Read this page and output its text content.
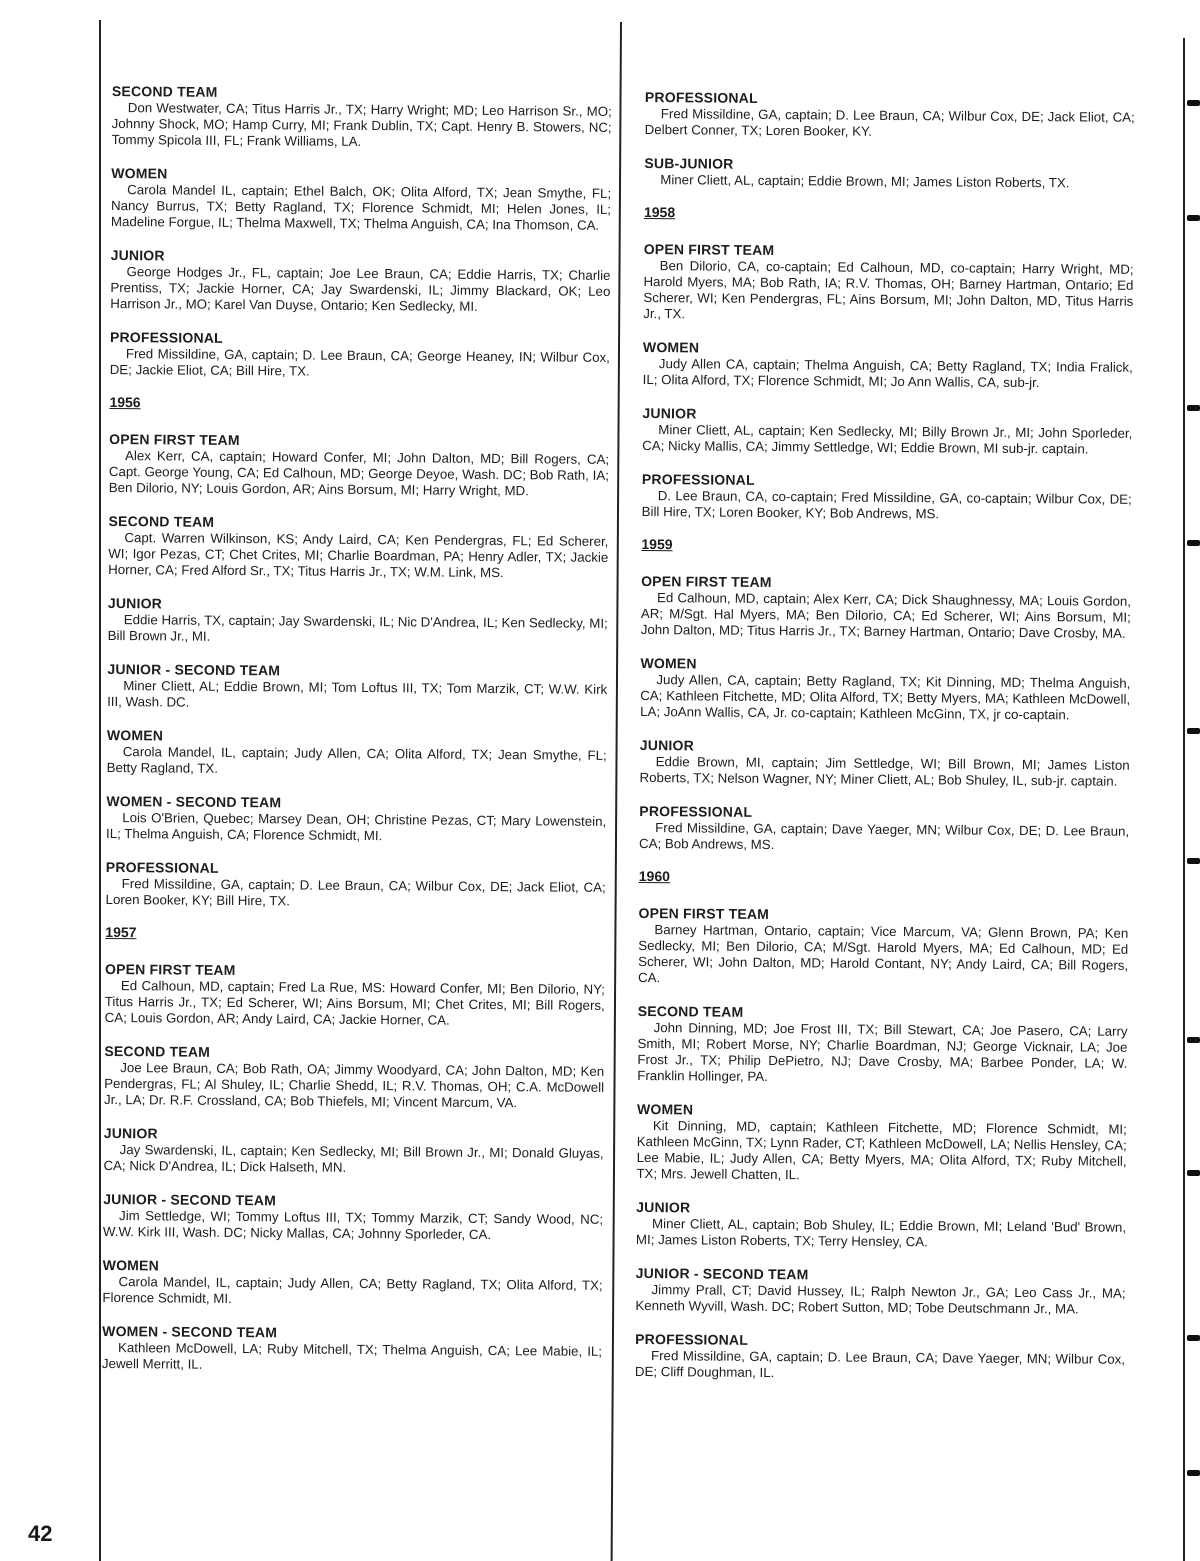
SECOND TEAM

Don Westwater, CA; Titus Harris Jr., TX; Harry Wright; MD; Leo Harrison Sr., MO; Johnny Shock, MO; Hamp Curry, MI; Frank Dublin, TX; Capt. Henry B. Stowers, NC; Tommy Spicola III, FL; Frank Williams, LA.

WOMEN

Carola Mandel IL, captain; Ethel Balch, OK; Olita Alford, TX; Jean Smythe, FL; Nancy Burrus, TX; Betty Ragland, TX; Florence Schmidt, MI; Helen Jones, IL; Madeline Forgue, IL; Thelma Maxwell, TX; Thelma Anguish, CA; Ina Thomson, CA.

JUNIOR

George Hodges Jr., FL, captain; Joe Lee Braun, CA; Eddie Harris, TX; Charlie Prentiss, TX; Jackie Horner, CA; Jay Swardenski, IL; Jimmy Blackard, OK; Leo Harrison Jr., MO; Karel Van Duyse, Ontario; Ken Sedlecky, MI.

PROFESSIONAL

Fred Missildine, GA, captain; D. Lee Braun, CA; George Heaney, IN; Wilbur Cox, DE; Jackie Eliot, CA; Bill Hire, TX.

1956

OPEN FIRST TEAM

Alex Kerr, CA, captain; Howard Confer, MI; John Dalton, MD; Bill Rogers, CA; Capt. George Young, CA; Ed Calhoun, MD; George Deyoe, Wash. DC; Bob Rath, IA; Ben Dilorio, NY; Louis Gordon, AR; Ains Borsum, MI; Harry Wright, MD.

SECOND TEAM

Capt. Warren Wilkinson, KS; Andy Laird, CA; Ken Pendergras, FL; Ed Scherer, WI; Igor Pezas, CT; Chet Crites, MI; Charlie Boardman, PA; Henry Adler, TX; Jackie Horner, CA; Fred Alford Sr., TX; Titus Harris Jr., TX; W.M. Link, MS.

JUNIOR

Eddie Harris, TX, captain; Jay Swardenski, IL; Nic D'Andrea, IL; Ken Sedlecky, MI; Bill Brown Jr., MI.

JUNIOR - SECOND TEAM

Miner Cliett, AL; Eddie Brown, MI; Tom Loftus III, TX; Tom Marzik, CT; W.W. Kirk III, Wash. DC.

WOMEN

Carola Mandel, IL, captain; Judy Allen, CA; Olita Alford, TX; Jean Smythe, FL; Betty Ragland, TX.

WOMEN - SECOND TEAM

Lois O'Brien, Quebec; Marsey Dean, OH; Christine Pezas, CT; Mary Lowenstein, IL; Thelma Anguish, CA; Florence Schmidt, MI.

PROFESSIONAL

Fred Missildine, GA, captain; D. Lee Braun, CA; Wilbur Cox, DE; Jack Eliot, CA; Loren Booker, KY; Bill Hire, TX.

1957

OPEN FIRST TEAM

Ed Calhoun, MD, captain; Fred La Rue, MS: Howard Confer, MI; Ben Dilorio, NY; Titus Harris Jr., TX; Ed Scherer, WI; Ains Borsum, MI; Chet Crites, MI; Bill Rogers, CA; Louis Gordon, AR; Andy Laird, CA; Jackie Horner, CA.

SECOND TEAM

Joe Lee Braun, CA; Bob Rath, OA; Jimmy Woodyard, CA; John Dalton, MD; Ken Pendergras, FL; Al Shuley, IL; Charlie Shedd, IL; R.V. Thomas, OH; C.A. McDowell Jr., LA; Dr. R.F. Crossland, CA; Bob Thiefels, MI; Vincent Marcum, VA.

JUNIOR

Jay Swardenski, IL, captain; Ken Sedlecky, MI; Bill Brown Jr., MI; Donald Gluyas, CA; Nick D'Andrea, IL; Dick Halseth, MN.

JUNIOR - SECOND TEAM

Jim Settledge, WI; Tommy Loftus III, TX; Tommy Marzik, CT; Sandy Wood, NC; W.W. Kirk III, Wash. DC; Nicky Mallas, CA; Johnny Sporleder, CA.

WOMEN

Carola Mandel, IL, captain; Judy Allen, CA; Betty Ragland, TX; Olita Alford, TX; Florence Schmidt, MI.

WOMEN - SECOND TEAM

Kathleen McDowell, LA; Ruby Mitchell, TX; Thelma Anguish, CA; Lee Mabie, IL; Jewell Merritt, IL.

PROFESSIONAL

Fred Missildine, GA, captain; D. Lee Braun, CA; Wilbur Cox, DE; Jack Eliot, CA; Delbert Conner, TX; Loren Booker, KY.

SUB-JUNIOR

Miner Cliett, AL, captain; Eddie Brown, MI; James Liston Roberts, TX.

1958

OPEN FIRST TEAM

Ben Dilorio, CA, co-captain; Ed Calhoun, MD, co-captain; Harry Wright, MD; Harold Myers, MA; Bob Rath, IA; R.V. Thomas, OH; Barney Hartman, Ontario; Ed Scherer, WI; Ken Pendergras, FL; Ains Borsum, MI; John Dalton, MD, Titus Harris Jr., TX.

WOMEN

Judy Allen CA, captain; Thelma Anguish, CA; Betty Ragland, TX; India Fralick, IL; Olita Alford, TX; Florence Schmidt, MI; Jo Ann Wallis, CA, sub-jr.

JUNIOR

Miner Cliett, AL, captain; Ken Sedlecky, MI; Billy Brown Jr., MI; John Sporleder, CA; Nicky Mallis, CA; Jimmy Settledge, WI; Eddie Brown, MI sub-jr. captain.

PROFESSIONAL

D. Lee Braun, CA, co-captain; Fred Missildine, GA, co-captain; Wilbur Cox, DE; Bill Hire, TX; Loren Booker, KY; Bob Andrews, MS.

1959

OPEN FIRST TEAM

Ed Calhoun, MD, captain; Alex Kerr, CA; Dick Shaughnessy, MA; Louis Gordon, AR; M/Sgt. Hal Myers, MA; Ben Dilorio, CA; Ed Scherer, WI; Ains Borsum, MI; John Dalton, MD; Titus Harris Jr., TX; Barney Hartman, Ontario; Dave Crosby, MA.

WOMEN

Judy Allen, CA, captain; Betty Ragland, TX; Kit Dinning, MD; Thelma Anguish, CA; Kathleen Fitchette, MD; Olita Alford, TX; Betty Myers, MA; Kathleen McDowell, LA; JoAnn Wallis, CA, Jr. co-captain; Kathleen McGinn, TX, jr co-captain.

JUNIOR

Eddie Brown, MI, captain; Jim Settledge, WI; Bill Brown, MI; James Liston Roberts, TX; Nelson Wagner, NY; Miner Cliett, AL; Bob Shuley, IL, sub-jr. captain.

PROFESSIONAL

Fred Missildine, GA, captain; Dave Yaeger, MN; Wilbur Cox, DE; D. Lee Braun, CA; Bob Andrews, MS.

1960

OPEN FIRST TEAM

Barney Hartman, Ontario, captain; Vice Marcum, VA; Glenn Brown, PA; Ken Sedlecky, MI; Ben Dilorio, CA; M/Sgt. Harold Myers, MA; Ed Calhoun, MD; Ed Scherer, WI; John Dalton, MD; Harold Contant, NY; Andy Laird, CA; Bill Rogers, CA.

SECOND TEAM

John Dinning, MD; Joe Frost III, TX; Bill Stewart, CA; Joe Pasero, CA; Larry Smith, MI; Robert Morse, NY; Charlie Boardman, NJ; George Vicknair, LA; Joe Frost Jr., TX; Philip DePietro, NJ; Dave Crosby, MA; Barbee Ponder, LA; W. Franklin Hollinger, PA.

WOMEN

Kit Dinning, MD, captain; Kathleen Fitchette, MD; Florence Schmidt, MI; Kathleen McGinn, TX; Lynn Rader, CT; Kathleen McDowell, LA; Nellis Hensley, CA; Lee Mabie, IL; Judy Allen, CA; Betty Myers, MA; Olita Alford, TX; Ruby Mitchell, TX; Mrs. Jewell Chatten, IL.

JUNIOR

Miner Cliett, AL, captain; Bob Shuley, IL; Eddie Brown, MI; Leland 'Bud' Brown, MI; James Liston Roberts, TX; Terry Hensley, CA.

JUNIOR - SECOND TEAM

Jimmy Prall, CT; David Hussey, IL; Ralph Newton Jr., GA; Leo Cass Jr., MA; Kenneth Wyvill, Wash. DC; Robert Sutton, MD; Tobe Deutschmann Jr., MA.

PROFESSIONAL

Fred Missildine, GA, captain; D. Lee Braun, CA; Dave Yaeger, MN; Wilbur Cox, DE; Cliff Doughman, IL.

42
